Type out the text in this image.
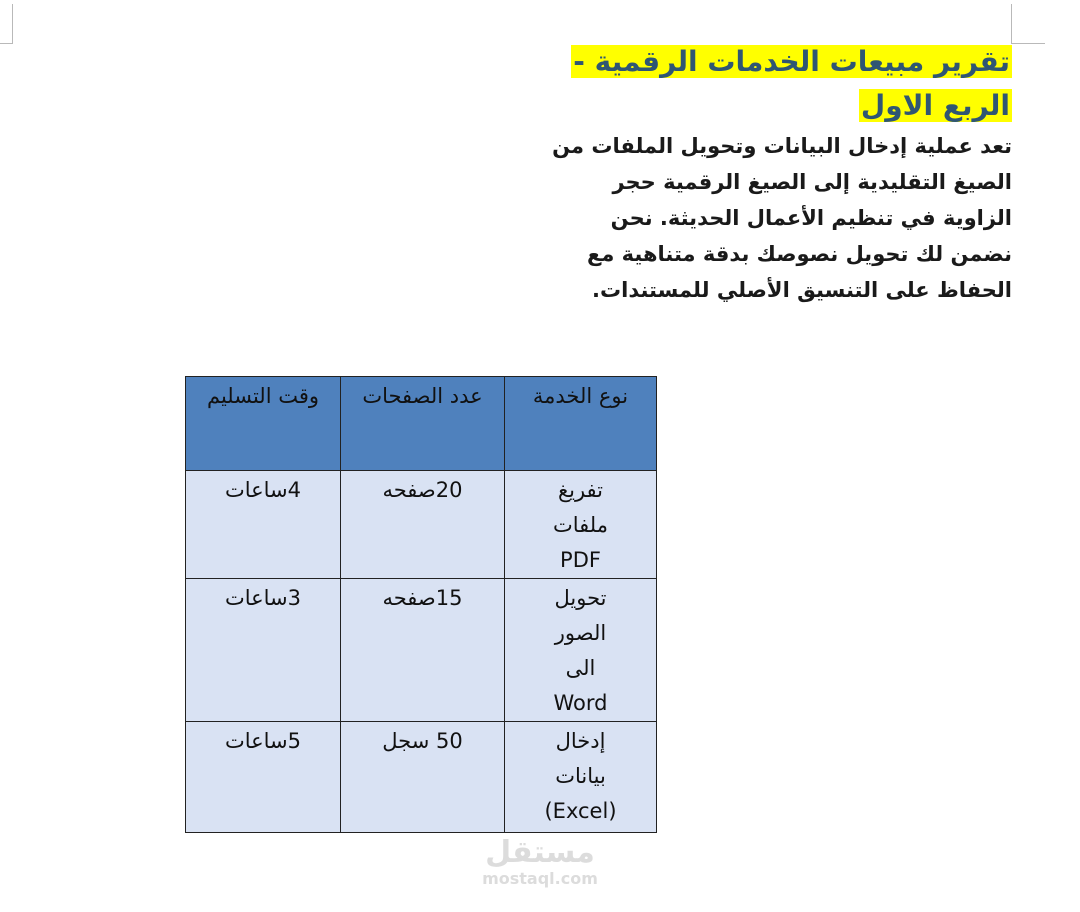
تقرير مبيعات الخدمات الرقمية -
الربع الاول

تعد عملية إدخال البيانات وتحويل الملفات من الصيغ التقليدية إلى الصيغ الرقمية حجر الزاوية في تنظيم الأعمال الحديثة. نحن نضمن لك تحويل نصوصك بدقة متناهية مع الحفاظ على التنسيق الأصلي للمستندات.

نوع الخدمة	عدد الصفحات	وقت التسليم
تفريغ
ملفات
PDF	20صفحه	4ساعات
تحويل
الصور
الى
Word	15صفحه	3ساعات
إدخال
بيانات
(Excel)	50 سجل	5ساعات
مستقل
mostaql.com
